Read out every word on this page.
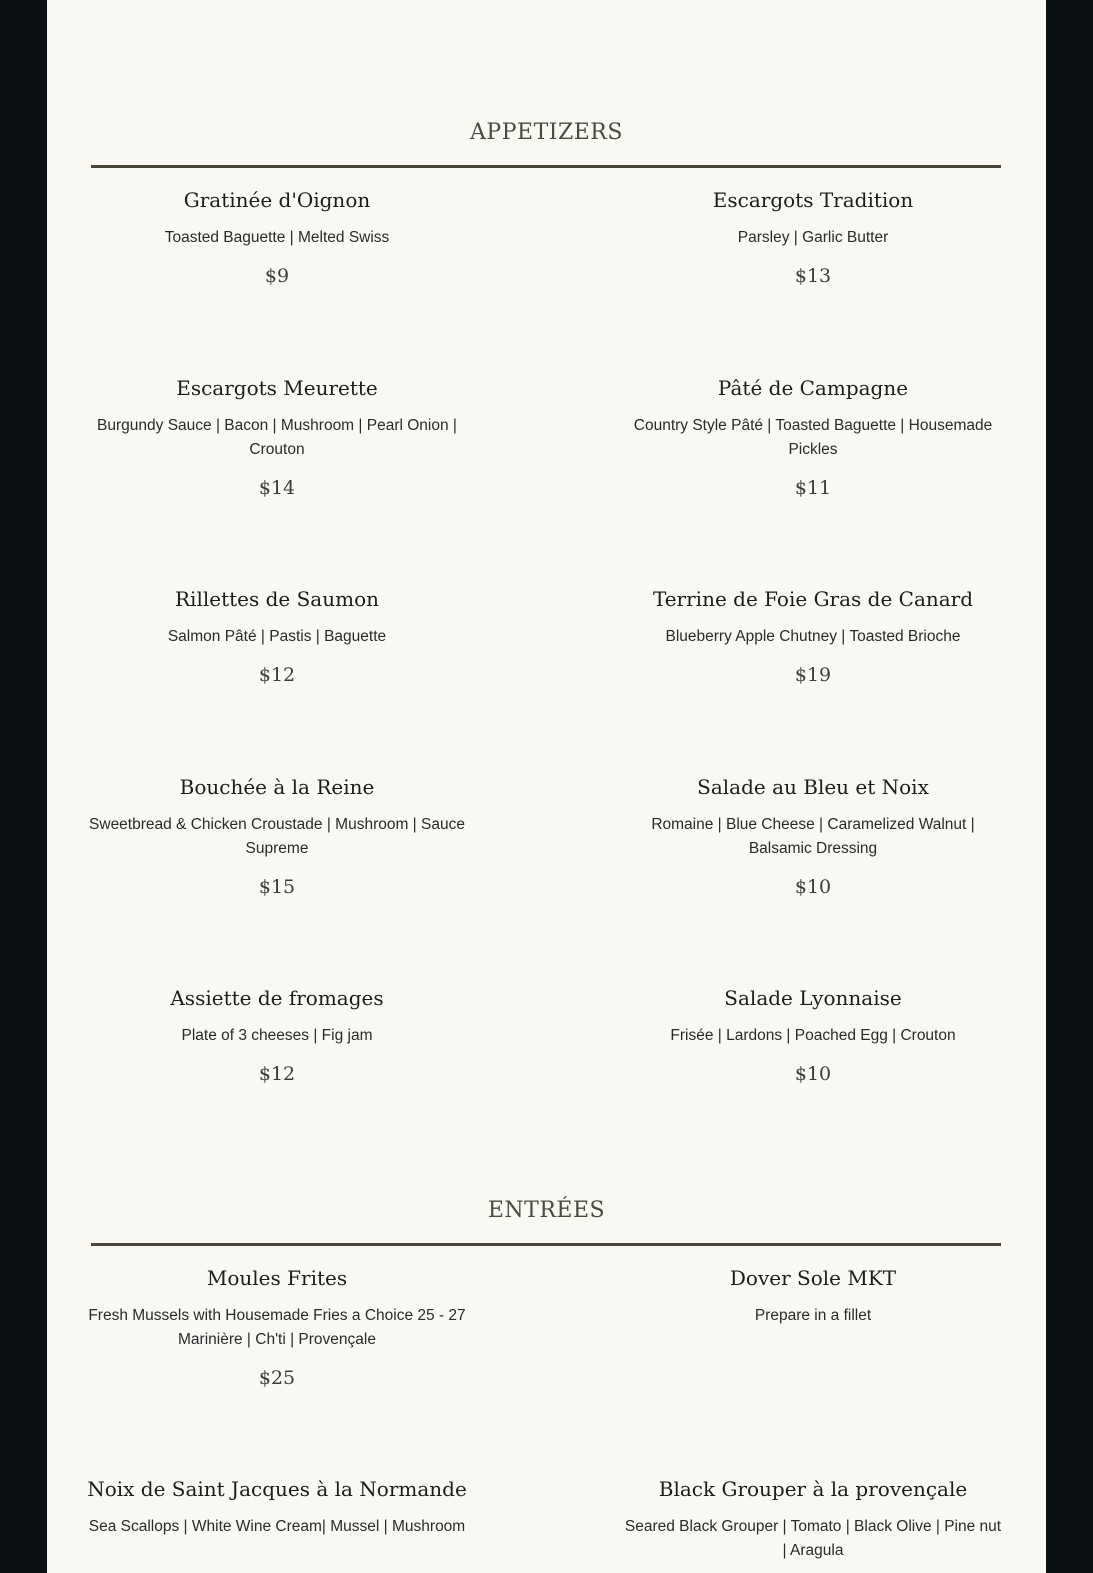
APPETIZERS
Gratinée d'Oignon
Toasted Baguette | Melted Swiss
$9
Escargots Tradition
Parsley | Garlic Butter
$13
Escargots Meurette
Burgundy Sauce | Bacon | Mushroom | Pearl Onion | Crouton
$14
Pâté de Campagne
Country Style Pâté | Toasted Baguette | Housemade Pickles
$11
Rillettes de Saumon
Salmon Pâté | Pastis | Baguette
$12
Terrine de Foie Gras de Canard
Blueberry Apple Chutney | Toasted Brioche
$19
Bouchée à la Reine
Sweetbread & Chicken Croustade | Mushroom | Sauce Supreme
$15
Salade au Bleu et Noix
Romaine | Blue Cheese | Caramelized Walnut | Balsamic Dressing
$10
Assiette de fromages
Plate of 3 cheeses | Fig jam
$12
Salade Lyonnaise
Frisée | Lardons | Poached Egg | Crouton
$10
ENTRÉES
Moules Frites
Fresh Mussels with Housemade Fries a Choice 25 - 27 Marinière | Ch'ti | Provençale
$25
Dover Sole MKT
Prepare in a fillet
Noix de Saint Jacques à la Normande
Sea Scallops | White Wine Cream| Mussel | Mushroom
Black Grouper à la provençale
Seared Black Grouper | Tomato | Black Olive | Pine nut | Aragula
